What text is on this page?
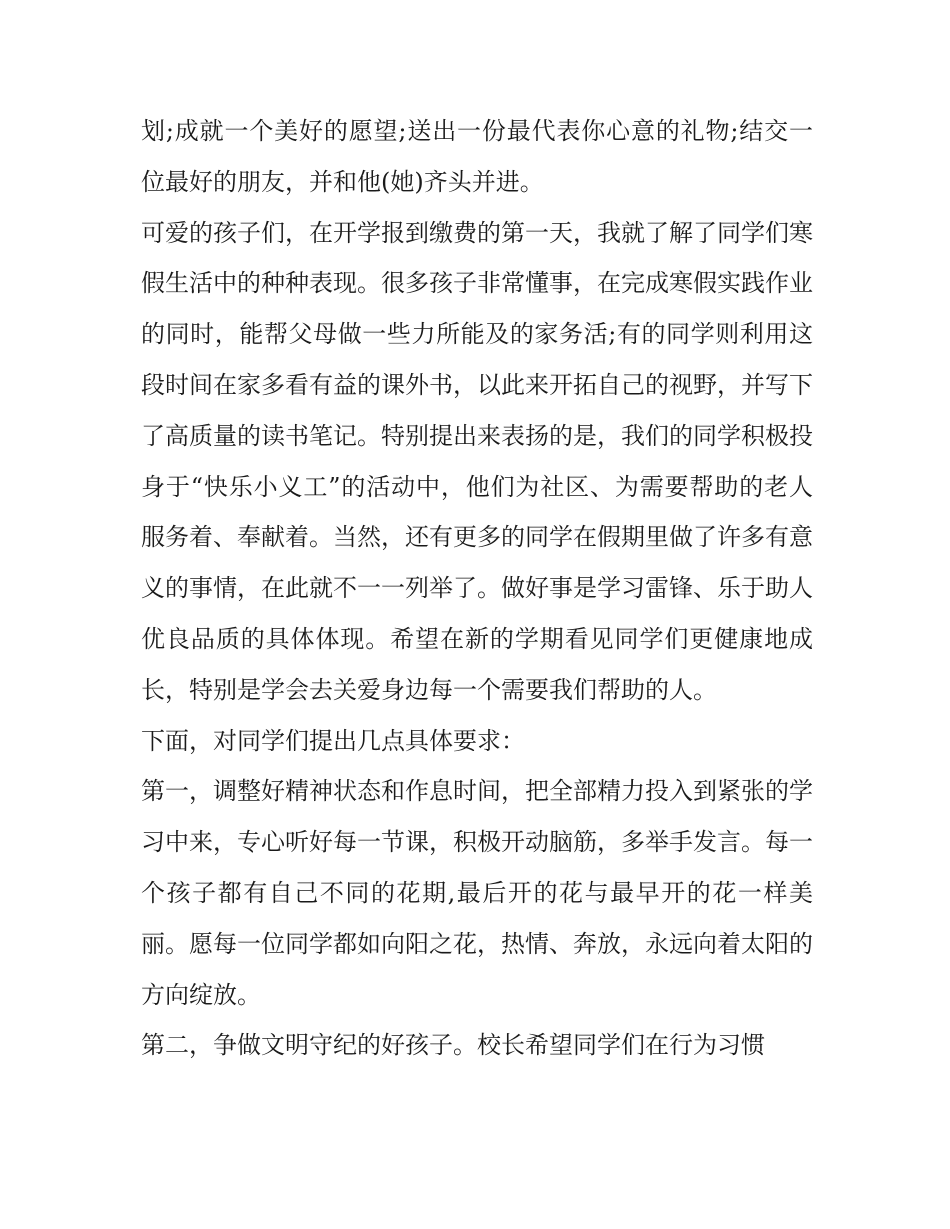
划;成就一个美好的愿望;送出一份最代表你心意的礼物;结交一位最好的朋友，并和他(她)齐头并进。

可爱的孩子们，在开学报到缴费的第一天，我就了解了同学们寒假生活中的种种表现。很多孩子非常懂事，在完成寒假实践作业的同时，能帮父母做一些力所能及的家务活;有的同学则利用这段时间在家多看有益的课外书，以此来开拓自己的视野，并写下了高质量的读书笔记。特别提出来表扬的是，我们的同学积极投身于“快乐小义工”的活动中，他们为社区、为需要帮助的老人服务着、奉献着。当然，还有更多的同学在假期里做了许多有意义的事情，在此就不一一列举了。做好事是学习雷锋、乐于助人优良品质的具体体现。希望在新的学期看见同学们更健康地成长，特别是学会去关爱身边每一个需要我们帮助的人。

下面，对同学们提出几点具体要求：

第一，调整好精神状态和作息时间，把全部精力投入到紧张的学习中来，专心听好每一节课，积极开动脑筋，多举手发言。每一个孩子都有自己不同的花期,最后开的花与最早开的花一样美丽。愿每一位同学都如向阳之花，热情、奔放，永远向着太阳的方向绽放。

第二，争做文明守纪的好孩子。校长希望同学们在行为习惯
